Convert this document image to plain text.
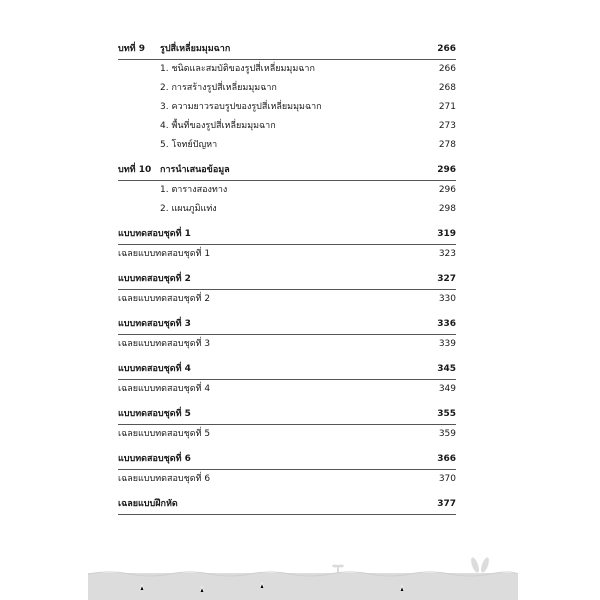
บทที่ 9 รูปสี่เหลี่ยมมุมฉาก	266
1. ชนิดและสมบัติของรูปสี่เหลี่ยมมุมฉาก	266
2. การสร้างรูปสี่เหลี่ยมมุมฉาก	268
3. ความยาวรอบรูปของรูปสี่เหลี่ยมมุมฉาก	271
4. พื้นที่ของรูปสี่เหลี่ยมมุมฉาก	273
5. โจทย์ปัญหา	278
บทที่ 10 การนำเสนอข้อมูล	296
1. ตารางสองทาง	296
2. แผนภูมิแท่ง	298
แบบทดสอบชุดที่ 1	319
เฉลยแบบทดสอบชุดที่ 1	323
แบบทดสอบชุดที่ 2	327
เฉลยแบบทดสอบชุดที่ 2	330
แบบทดสอบชุดที่ 3	336
เฉลยแบบทดสอบชุดที่ 3	339
แบบทดสอบชุดที่ 4	345
เฉลยแบบทดสอบชุดที่ 4	349
แบบทดสอบชุดที่ 5	355
เฉลยแบบทดสอบชุดที่ 5	359
แบบทดสอบชุดที่ 6	366
เฉลยแบบทดสอบชุดที่ 6	370
เฉลยแบบฝึกหัด	377
